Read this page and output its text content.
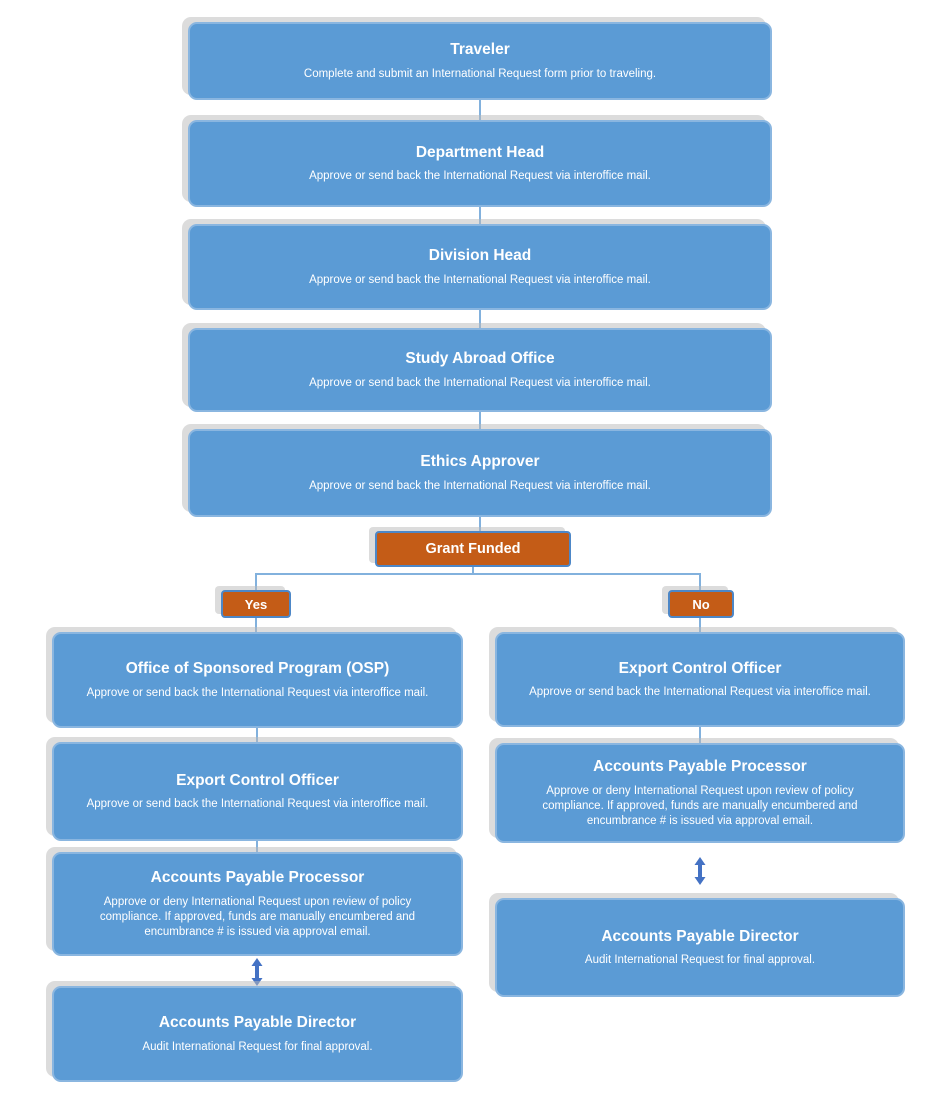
Traveler
Complete and submit an International Request form prior to traveling.
Department Head
Approve or send back the International Request via interoffice mail.
Division Head
Approve or send back the International Request via interoffice mail.
Study Abroad Office
Approve or send back the International Request via interoffice mail.
Ethics Approver
Approve or send back the International Request via interoffice mail.
Grant Funded
Yes	No
Office of Sponsored Program (OSP)
Approve or send back the International Request via interoffice mail.
Export Control Officer
Approve or send back the International Request via interoffice mail.
Accounts Payable Processor
Approve or deny International Request upon review of policy compliance. If approved, funds are manually encumbered and encumbrance # is issued via approval email.
Accounts Payable Director
Audit International Request for final approval.
Export Control Officer
Approve or send back the International Request via interoffice mail.
Accounts Payable Processor
Approve or deny International Request upon review of policy compliance. If approved, funds are manually encumbered and encumbrance # is issued via approval email.
Accounts Payable Director
Audit International Request for final approval.
